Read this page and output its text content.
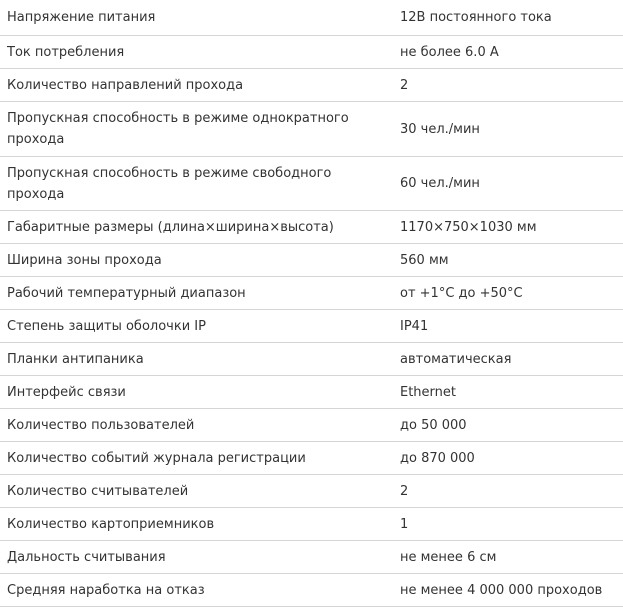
Напряжение питания	12В постоянного тока
Ток потребления	не более 6.0 А
Количество направлений прохода	2
Пропускная способность в режиме однократного прохода	30 чел./мин
Пропускная способность в режиме свободного прохода	60 чел./мин
Габаритные размеры (длина×ширина×высота)	1170×750×1030 мм
Ширина зоны прохода	560 мм
Рабочий температурный диапазон	от +1°С до +50°С
Степень защиты оболочки IP	IP41
Планки антипаника	автоматическая
Интерфейс связи	Ethernet
Количество пользователей	до 50 000
Количество событий журнала регистрации	до 870 000
Количество считывателей	2
Количество картоприемников	1
Дальность считывания	не менее 6 см
Средняя наработка на отказ	не менее 4 000 000 проходов
